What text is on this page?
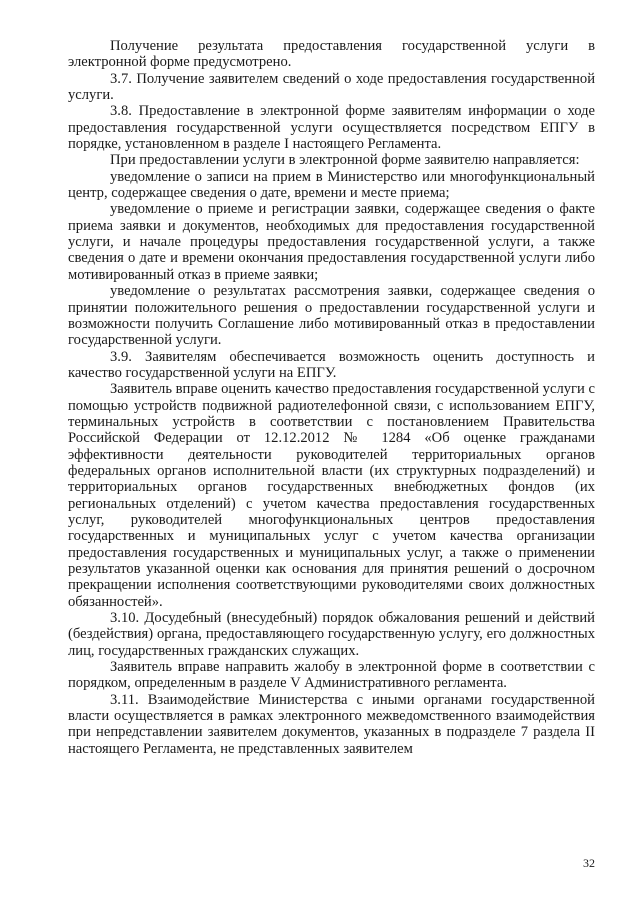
Получение результата предоставления государственной услуги в электронной форме предусмотрено.

3.7. Получение заявителем сведений о ходе предоставления государственной услуги.

3.8. Предоставление в электронной форме заявителям информации о ходе предоставления государственной услуги осуществляется посредством ЕПГУ в порядке, установленном в разделе I настоящего Регламента.

При предоставлении услуги в электронной форме заявителю направляется:

уведомление о записи на прием в Министерство или многофункциональный центр, содержащее сведения о дате, времени и месте приема;

уведомление о приеме и регистрации заявки, содержащее сведения о факте приема заявки и документов, необходимых для предоставления государственной услуги, и начале процедуры предоставления государственной услуги, а также сведения о дате и времени окончания предоставления государственной услуги либо мотивированный отказ в приеме заявки;

уведомление о результатах рассмотрения заявки, содержащее сведения о принятии положительного решения о предоставлении государственной услуги и возможности получить Соглашение либо мотивированный отказ в предоставлении государственной услуги.

3.9. Заявителям обеспечивается возможность оценить доступность и качество государственной услуги на ЕПГУ.

Заявитель вправе оценить качество предоставления государственной услуги с помощью устройств подвижной радиотелефонной связи, с использованием ЕПГУ, терминальных устройств в соответствии с постановлением Правительства Российской Федерации от 12.12.2012 № 1284 «Об оценке гражданами эффективности деятельности руководителей территориальных органов федеральных органов исполнительной власти (их структурных подразделений) и территориальных органов государственных внебюджетных фондов (их региональных отделений) с учетом качества предоставления государственных услуг, руководителей многофункциональных центров предоставления государственных и муниципальных услуг с учетом качества организации предоставления государственных и муниципальных услуг, а также о применении результатов указанной оценки как основания для принятия решений о досрочном прекращении исполнения соответствующими руководителями своих должностных обязанностей».

3.10. Досудебный (внесудебный) порядок обжалования решений и действий (бездействия) органа, предоставляющего государственную услугу, его должностных лиц, государственных гражданских служащих.

Заявитель вправе направить жалобу в электронной форме в соответствии с порядком, определенным в разделе V Административного регламента.

3.11. Взаимодействие Министерства с иными органами государственной власти осуществляется в рамках электронного межведомственного взаимодействия при непредставлении заявителем документов, указанных в подразделе 7 раздела II настоящего Регламента, не представленных заявителем

32
